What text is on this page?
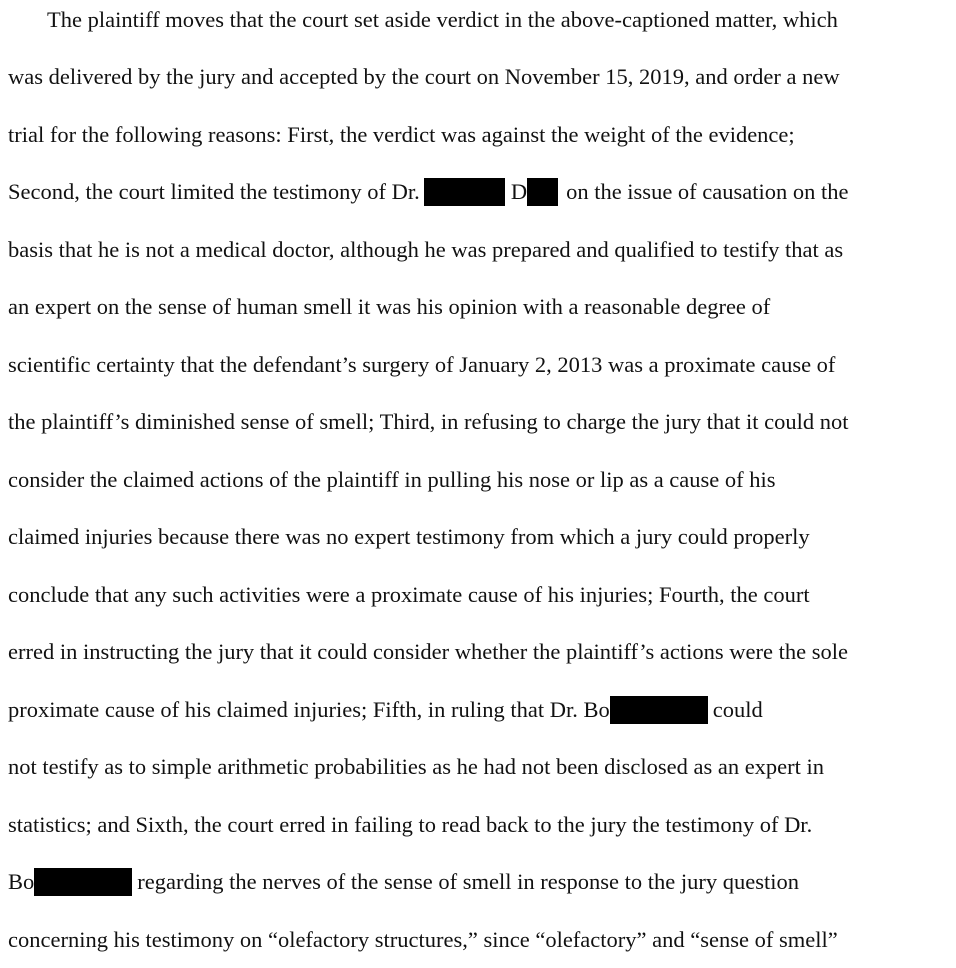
The plaintiff moves that the court set aside verdict in the above-captioned matter, which
was delivered by the jury and accepted by the court on November 15, 2019, and order a new
trial for the following reasons: First, the verdict was against the weight of the evidence;
Second, the court limited the testimony of Dr.	D on the issue of causation on the
basis that he is not a medical doctor, although he was prepared and qualified to testify that as
an expert on the sense of human smell it was his opinion with a reasonable degree of
scientific certainty that the defendant’s surgery of January 2, 2013 was a proximate cause of
the plaintiff’s diminished sense of smell; Third, in refusing to charge the jury that it could not
consider the claimed actions of the plaintiff in pulling his nose or lip as a cause of his
claimed injuries because there was no expert testimony from which a jury could properly
conclude that any such activities were a proximate cause of his injuries; Fourth, the court
erred in instructing the jury that it could consider whether the plaintiff’s actions were the sole
proximate cause of his claimed injuries; Fifth, in ruling that Dr. Bo	could
not testify as to simple arithmetic probabilities as he had not been disclosed as an expert in
statistics; and Sixth, the court erred in failing to read back to the jury the testimony of Dr.
Bo	regarding the nerves of the sense of smell in response to the jury question
concerning his testimony on “olefactory structures,” since “olefactory” and “sense of smell”
